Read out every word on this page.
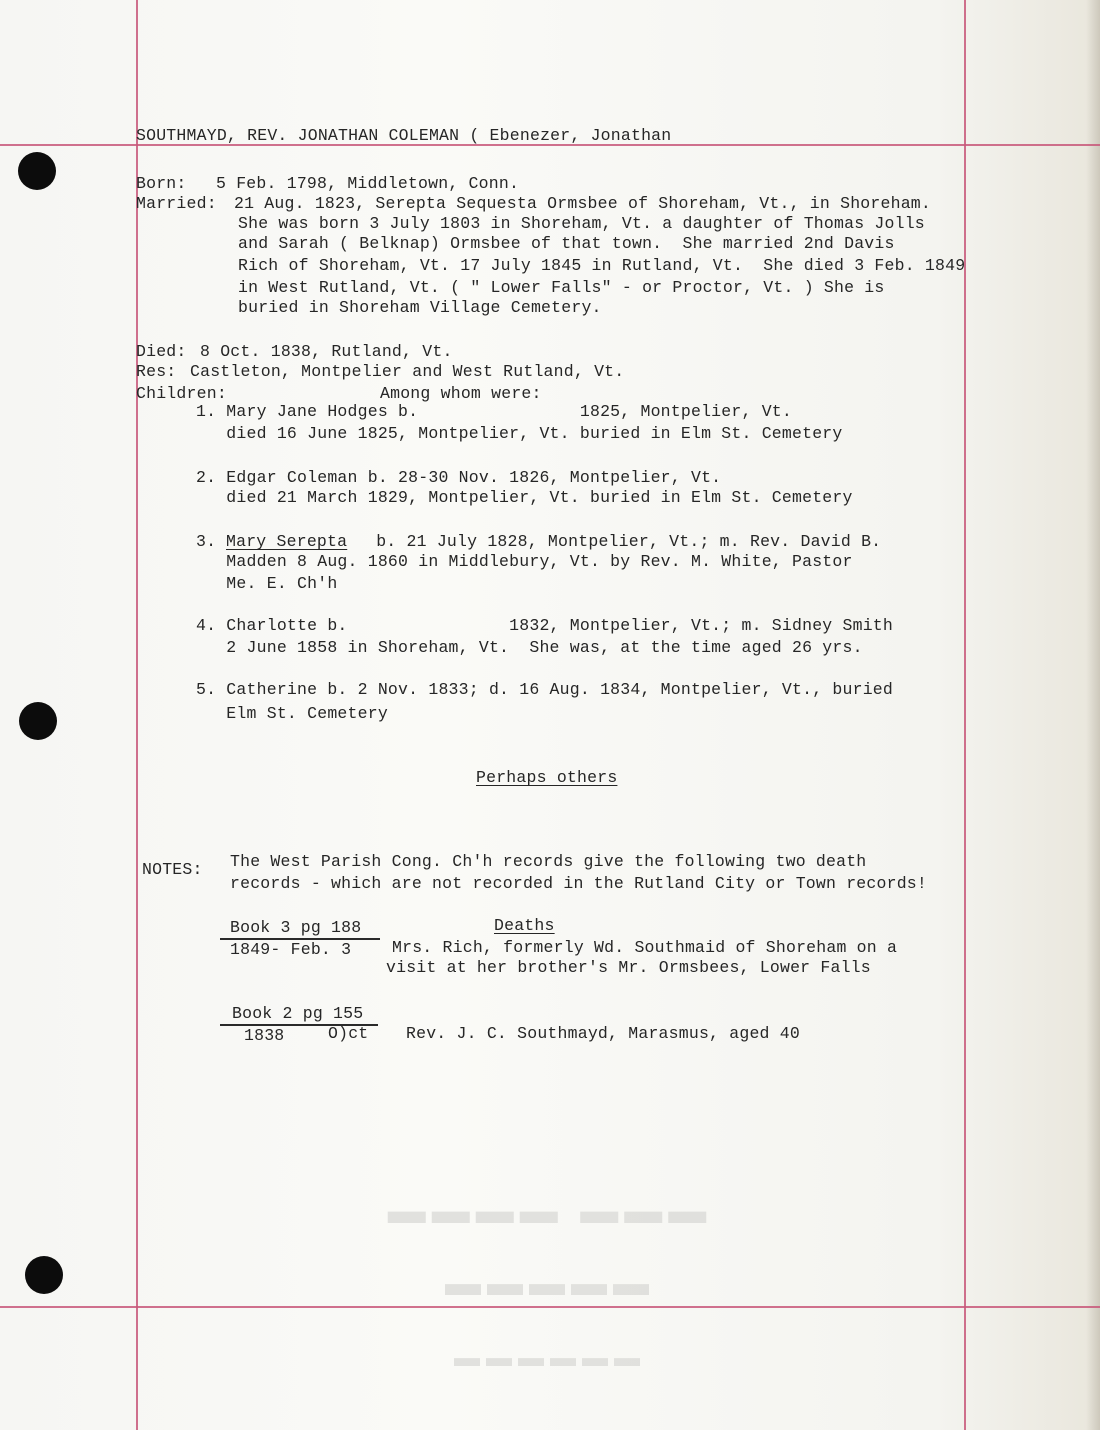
▬▬▬▬ ▬▬▬
▬▬▬▬▬
▬▬▬▬▬▬
SOUTHMAYD, REV. JONATHAN COLEMAN ( Ebenezer, Jonathan
Born: 5 Feb. 1798, Middletown, Conn.
Married: 21 Aug. 1823, Serepta Sequesta Ormsbee of Shoreham, Vt., in Shoreham.
She was born 3 July 1803 in Shoreham, Vt. a daughter of Thomas Jolls
and Sarah ( Belknap) Ormsbee of that town.  She married 2nd Davis
Rich of Shoreham, Vt. 17 July 1845 in Rutland, Vt.  She died 3 Feb. 1849
in West Rutland, Vt. ( " Lower Falls" - or Proctor, Vt. ) She is
buried in Shoreham Village Cemetery.
Died: 8 Oct. 1838, Rutland, Vt.
Res: Castleton, Montpelier and West Rutland, Vt.
Children:	Among whom were:
1. Mary Jane Hodges b.                1825, Montpelier, Vt.
died 16 June 1825, Montpelier, Vt. buried in Elm St. Cemetery
2. Edgar Coleman b. 28-30 Nov. 1826, Montpelier, Vt.
died 21 March 1829, Montpelier, Vt. buried in Elm St. Cemetery
3. Mary Serepta b. 21 July 1828, Montpelier, Vt.; m. Rev. David B.
Madden 8 Aug. 1860 in Middlebury, Vt. by Rev. M. White, Pastor
Me. E. Ch'h
4. Charlotte b.                1832, Montpelier, Vt.; m. Sidney Smith
2 June 1858 in Shoreham, Vt.  She was, at the time aged 26 yrs.
5. Catherine b. 2 Nov. 1833; d. 16 Aug. 1834, Montpelier, Vt., buried
Elm St. Cemetery
Perhaps others
NOTES: The West Parish Cong. Ch'h records give the following two death
records - which are not recorded in the Rutland City or Town records!
Book 3 pg 188	Deaths
1849- Feb. 3 Mrs. Rich, formerly Wd. Southmaid of Shoreham on a
visit at her brother's Mr. Ormsbees, Lower Falls
Book 2 pg 155
1838	O)ct Rev. J. C. Southmayd, Marasmus, aged 40
